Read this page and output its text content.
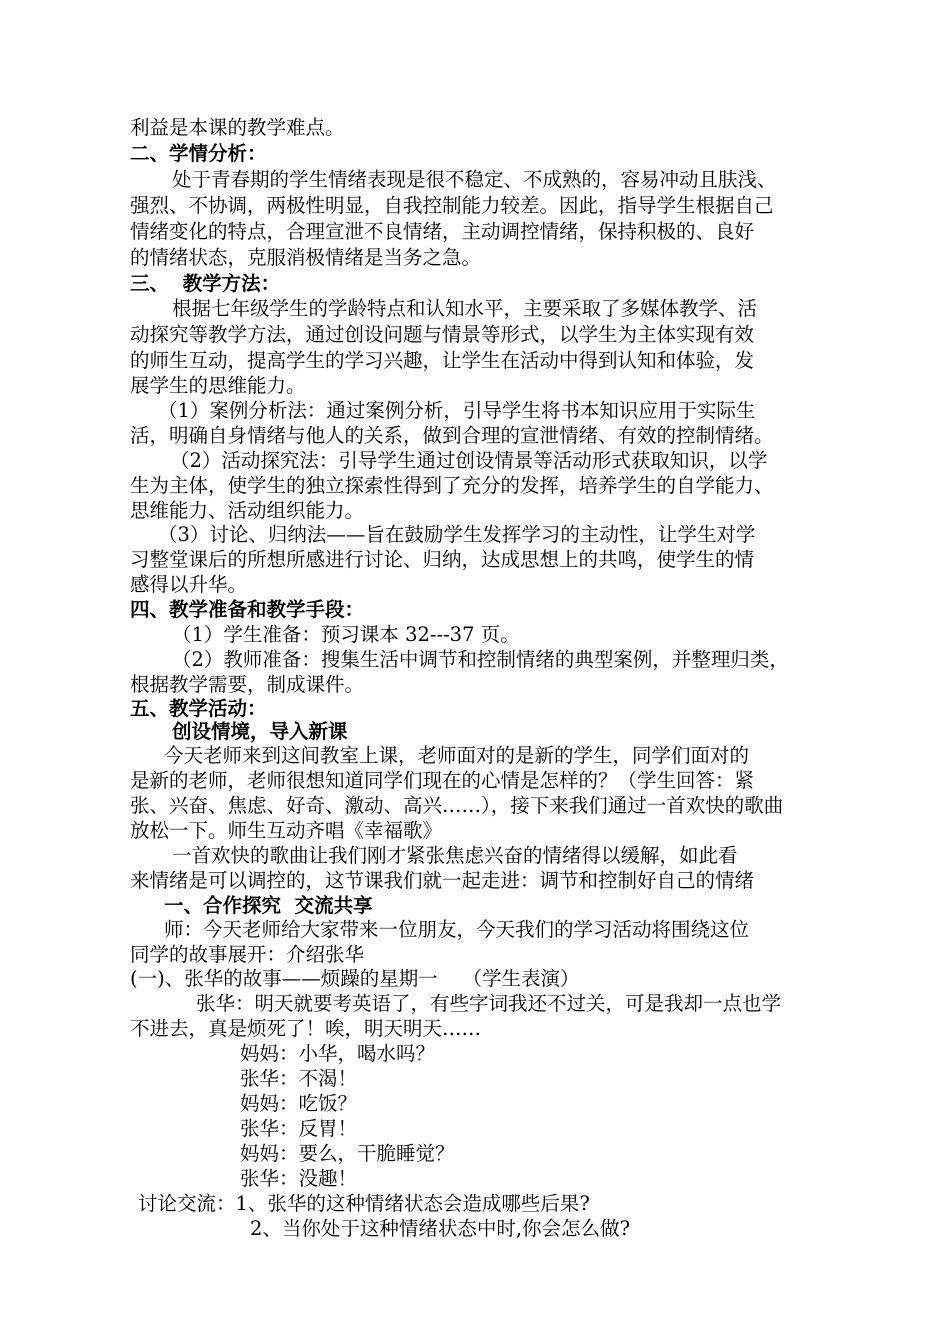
利益是本课的教学难点。
二、学情分析：
处于青春期的学生情绪表现是很不稳定、不成熟的，容易冲动且肤浅、
强烈、不协调，两极性明显，自我控制能力较差。因此，指导学生根据自己
情绪变化的特点，合理宣泄不良情绪，主动调控情绪，保持积极的、良好
的情绪状态，克服消极情绪是当务之急。
三、  教学方法：
根据七年级学生的学龄特点和认知水平，主要采取了多媒体教学、活
动探究等教学方法，通过创设问题与情景等形式，以学生为主体实现有效
的师生互动，提高学生的学习兴趣，让学生在活动中得到认知和体验，发
展学生的思维能力。
（1）案例分析法：通过案例分析，引导学生将书本知识应用于实际生
活，明确自身情绪与他人的关系，做到合理的宣泄情绪、有效的控制情绪。
（2）活动探究法：引导学生通过创设情景等活动形式获取知识，以学
生为主体，使学生的独立探索性得到了充分的发挥，培养学生的自学能力、
思维能力、活动组织能力。
（3）讨论、归纳法——旨在鼓励学生发挥学习的主动性，让学生对学
习整堂课后的所想所感进行讨论、归纳，达成思想上的共鸣，使学生的情
感得以升华。
四、教学准备和教学手段：
（1）学生准备：预习课本 32---37 页。
（2）教师准备：搜集生活中调节和控制情绪的典型案例，并整理归类，
根据教学需要，制成课件。
五、教学活动：
创设情境，导入新课
今天老师来到这间教室上课，老师面对的是新的学生，同学们面对的
是新的老师，老师很想知道同学们现在的心情是怎样的？（学生回答：紧
张、兴奋、焦虑、好奇、激动、高兴……），接下来我们通过一首欢快的歌曲
放松一下。师生互动齐唱《幸福歌》
一首欢快的歌曲让我们刚才紧张焦虑兴奋的情绪得以缓解，如此看
来情绪是可以调控的，这节课我们就一起走进：调节和控制好自己的情绪
一、合作探究  交流共享
师：今天老师给大家带来一位朋友，今天我们的学习活动将围绕这位
同学的故事展开：介绍张华
(一)、张华的故事——烦躁的星期一    （学生表演）
张华：明天就要考英语了，有些字词我还不过关，可是我却一点也学
不进去，真是烦死了！唉，明天明天……
妈妈：小华，喝水吗？
张华：不渴！
妈妈：吃饭？
张华：反胃！
妈妈：要么，干脆睡觉？
张华：没趣！
讨论交流：1、张华的这种情绪状态会造成哪些后果?
2、当你处于这种情绪状态中时,你会怎么做?
